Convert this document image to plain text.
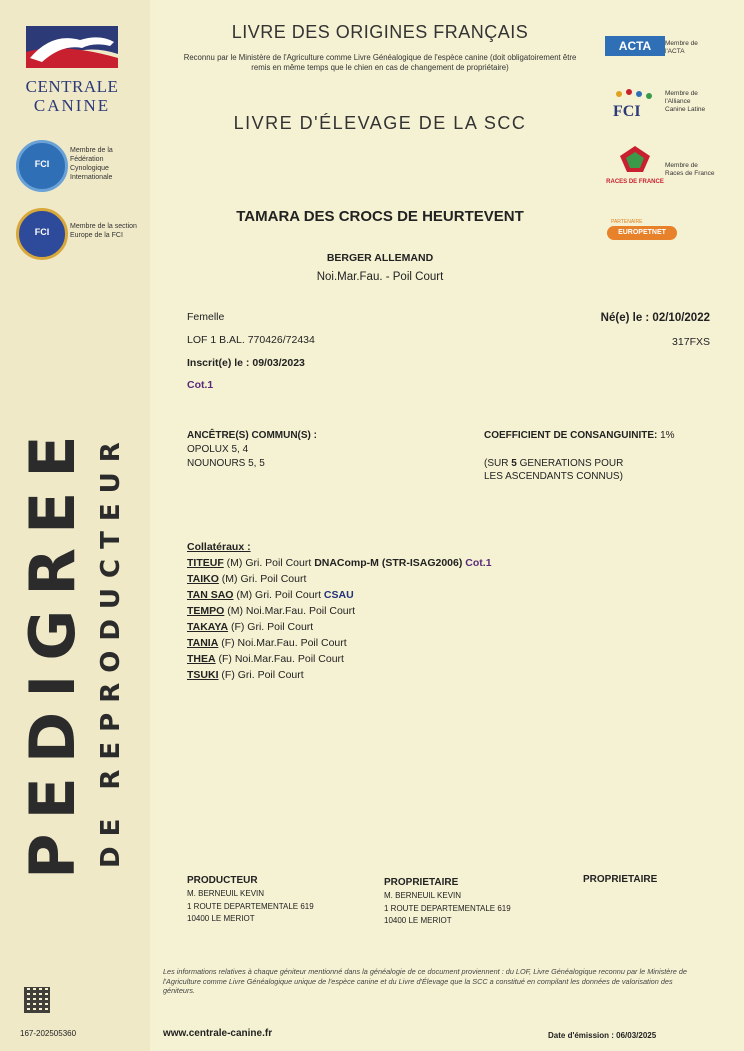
CENTRALE
CANINE
FCI
Membre de la Fédération Cynologique Internationale
FCI
Membre de la section Europe de la FCI
PEDIGREE DE REPRODUCTEUR
LIVRE DES ORIGINES FRANÇAIS
Reconnu par le Ministère de l'Agriculture comme Livre Généalogique de l'espèce canine (doit obligatoirement être remis en même temps que le chien en cas de changement de propriétaire)
LIVRE D'ÉLEVAGE DE LA SCC
ACTA	Membre de l'ACTA
FCI
Membre de l'Alliance Canine Latine
RACES DE FRANCE
Membre de Races de France
PARTENAIRE
EUROPETNET
TAMARA DES CROCS DE HEURTEVENT
BERGER ALLEMAND
Noi.Mar.Fau. - Poil Court
Femelle	Né(e) le : 02/10/2022
LOF 1 B.AL. 770426/72434	317FXS
Inscrit(e) le : 09/03/2023
Cot.1
ANCÊTRE(S) COMMUN(S) :
OPOLUX 5, 4
NOUNOURS 5, 5
COEFFICIENT DE CONSANGUINITE: 1%
(SUR 5 GENERATIONS POUR
LES ASCENDANTS CONNUS)
Collatéraux :
TITEUF (M) Gri. Poil Court DNAComp-M (STR-ISAG2006) Cot.1
TAIKO (M) Gri. Poil Court
TAN SAO (M) Gri. Poil Court CSAU
TEMPO (M) Noi.Mar.Fau. Poil Court
TAKAYA (F) Gri. Poil Court
TANIA (F) Noi.Mar.Fau. Poil Court
THEA (F) Noi.Mar.Fau. Poil Court
TSUKI (F) Gri. Poil Court
PRODUCTEUR
M. BERNEUIL KEVIN
1 ROUTE DEPARTEMENTALE 619
10400 LE MERIOT
PROPRIETAIRE
M. BERNEUIL KEVIN
1 ROUTE DEPARTEMENTALE 619
10400 LE MERIOT
PROPRIETAIRE
Les informations relatives à chaque géniteur mentionné dans la généalogie de ce document proviennent : du LOF, Livre Généalogique reconnu par le Ministère de l'Agriculture comme Livre Généalogique unique de l'espèce canine et du Livre d'Élevage que la SCC a constitué en compilant les données de valorisation des géniteurs.
167-202505360	www.centrale-canine.fr	Date d'émission : 06/03/2025
